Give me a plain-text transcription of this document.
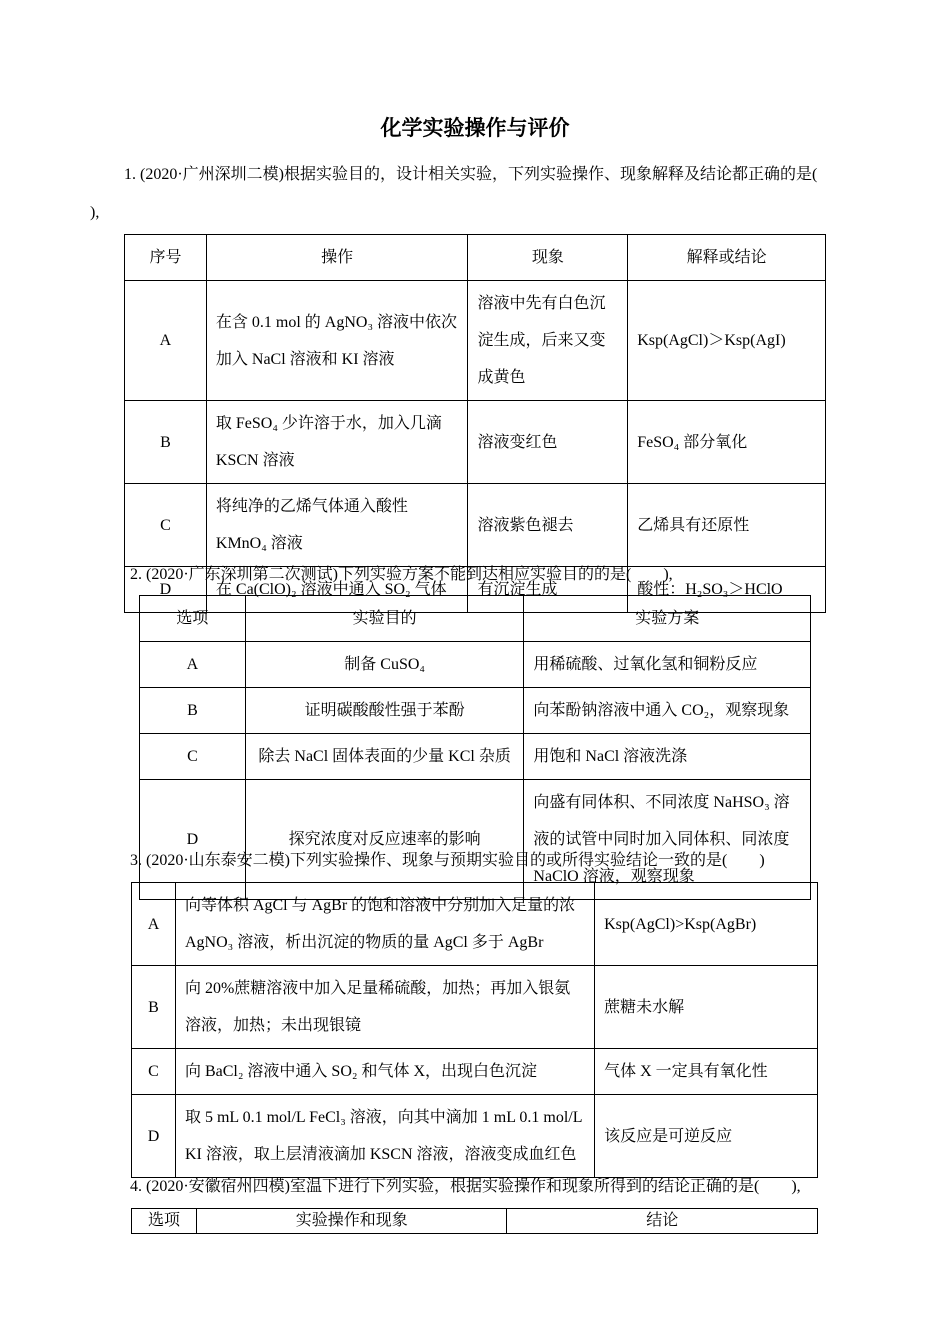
化学实验操作与评价
1. (2020·广州深圳二模)根据实验目的，设计相关实验，下列实验操作、现象解释及结论都正确的是(
),
序号	操作	现象	解释或结论
A	在含 0.1 mol 的 AgNO₃ 溶液中依次加入 NaCl 溶液和 KI 溶液	溶液中先有白色沉淀生成，后来又变成黄色	Ksp(AgCl)＞Ksp(AgI)
B	取 FeSO₄ 少许溶于水，加入几滴 KSCN 溶液	溶液变红色	FeSO₄ 部分氧化
C	将纯净的乙烯气体通入酸性 KMnO₄ 溶液	溶液紫色褪去	乙烯具有还原性
D	在 Ca(ClO)₂ 溶液中通入 SO₂ 气体	有沉淀生成	酸性：H₂SO₃＞HClO
2. (2020·广东深圳第二次测试)下列实验方案不能到达相应实验目的的是(　　),
选项	实验目的	实验方案
A	制备 CuSO₄	用稀硫酸、过氧化氢和铜粉反应
B	证明碳酸酸性强于苯酚	向苯酚钠溶液中通入 CO₂，观察现象
C	除去 NaCl 固体表面的少量 KCl 杂质	用饱和 NaCl 溶液洗涤
D	探究浓度对反应速率的影响	向盛有同体积、不同浓度 NaHSO₃ 溶液的试管中同时加入同体积、同浓度 NaClO 溶液，观察现象
3. (2020·山东泰安二模)下列实验操作、现象与预期实验目的或所得实验结论一致的是(　　)
A	向等体积 AgCl 与 AgBr 的饱和溶液中分别加入足量的浓 AgNO₃ 溶液，析出沉淀的物质的量 AgCl 多于 AgBr	Ksp(AgCl)>Ksp(AgBr)
B	向 20%蔗糖溶液中加入足量稀硫酸，加热；再加入银氨溶液，加热；未出现银镜	蔗糖未水解
C	向 BaCl₂ 溶液中通入 SO₂ 和气体 X，出现白色沉淀	气体 X 一定具有氧化性
D	取 5 mL 0.1 mol/L FeCl₃ 溶液，向其中滴加 1 mL 0.1 mol/L KI 溶液，取上层清液滴加 KSCN 溶液，溶液变成血红色	该反应是可逆反应
4. (2020·安徽宿州四模)室温下进行下列实验，根据实验操作和现象所得到的结论正确的是(　　),
选项	实验操作和现象	结论
